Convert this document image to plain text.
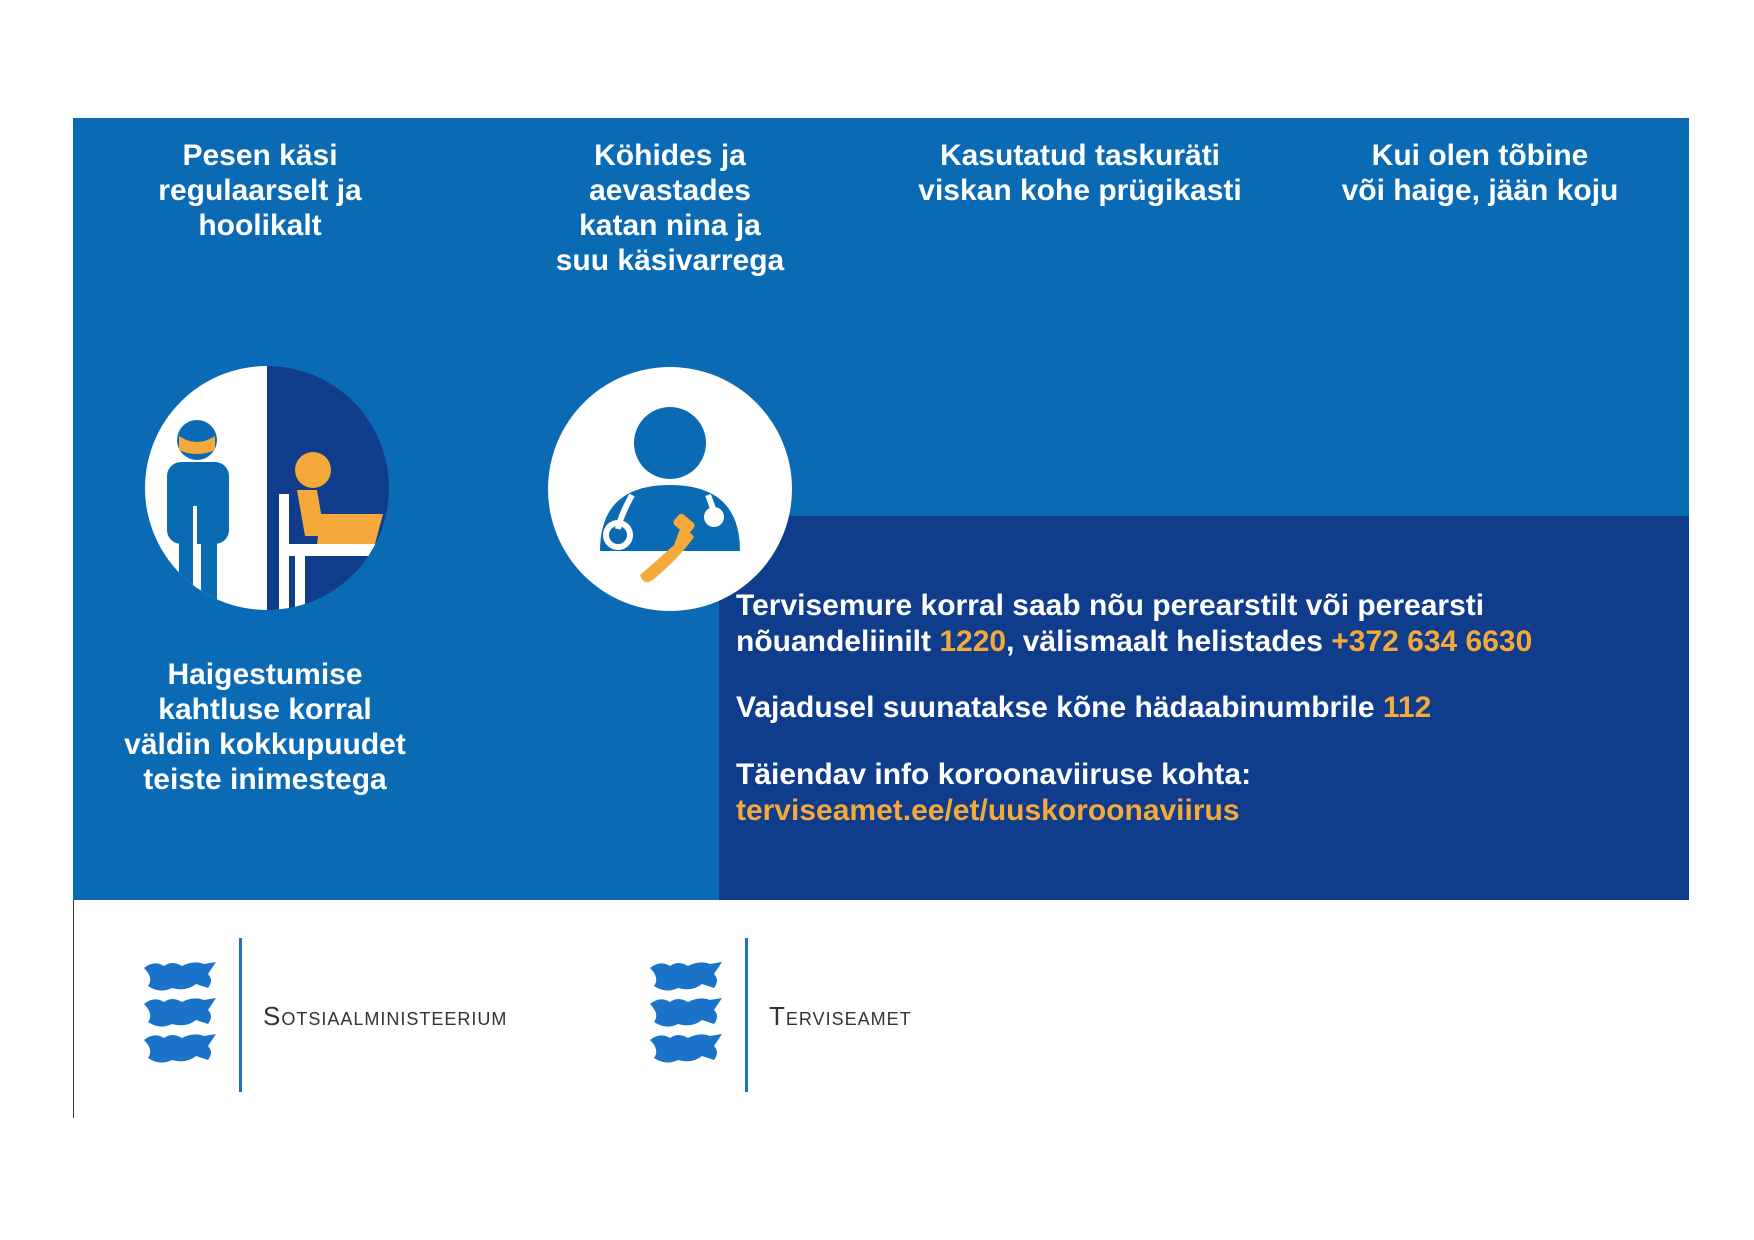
Pesen käsi
regulaarselt ja
hoolikalt
Köhides ja
aevastades
katan nina ja
suu käsivarrega
Kasutatud taskuräti
viskan kohe prügikasti
Kui olen tõbine
või haige, jään koju
Haigestumise
kahtluse korral
väldin kokkupuudet
teiste inimestega
Tervisemure korral saab nõu perearstilt või perearsti
nõuandeliinilt 1220, välismaalt helistades +372 634 6630
Vajadusel suunatakse kõne hädaabinumbrile 112
Täiendav info koroonaviiruse kohta:
terviseamet.ee/et/uuskoroonaviirus
Sotsiaalministeerium	Terviseamet
